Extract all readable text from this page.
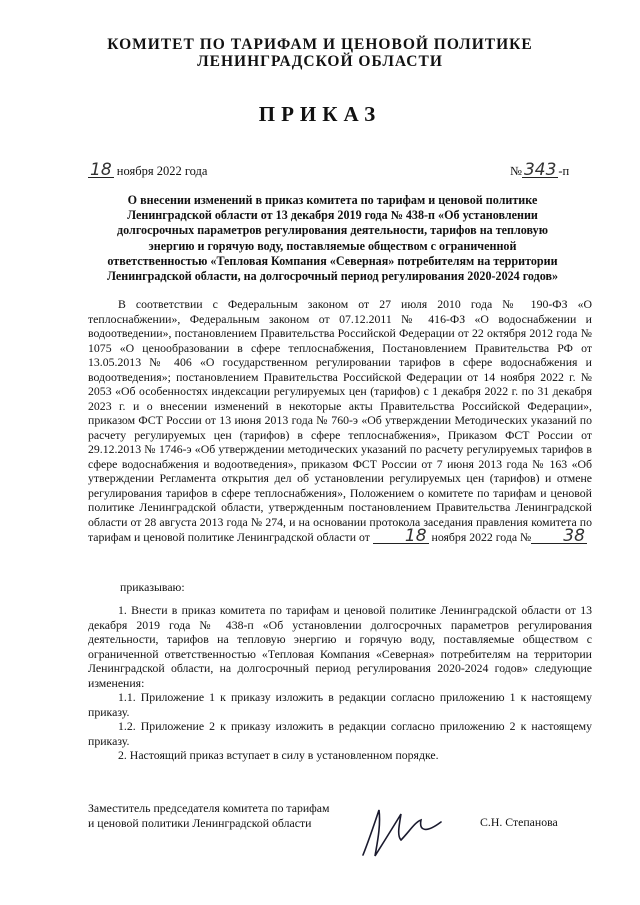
КОМИТЕТ ПО ТАРИФАМ И ЦЕНОВОЙ ПОЛИТИКЕ
ЛЕНИНГРАДСКОЙ ОБЛАСТИ
ПРИКАЗ
18 ноября 2022 года	№ 343 -п
О внесении изменений в приказ комитета по тарифам и ценовой политике Ленинградской области от 13 декабря 2019 года № 438-п «Об установлении долгосрочных параметров регулирования деятельности, тарифов на тепловую энергию и горячую воду, поставляемые обществом с ограниченной ответственностью «Тепловая Компания «Северная» потребителям на территории Ленинградской области, на долгосрочный период регулирования 2020-2024 годов»
В соответствии с Федеральным законом от 27 июля 2010 года № 190-ФЗ «О теплоснабжении», Федеральным законом от 07.12.2011 № 416-ФЗ «О водоснабжении и водоотведении», постановлением Правительства Российской Федерации от 22 октября 2012 года № 1075 «О ценообразовании в сфере теплоснабжения, Постановлением Правительства РФ от 13.05.2013 № 406 «О государственном регулировании тарифов в сфере водоснабжения и водоотведения»; постановлением Правительства Российской Федерации от 14 ноября 2022 г. № 2053 «Об особенностях индексации регулируемых цен (тарифов) с 1 декабря 2022 г. по 31 декабря 2023 г. и о внесении изменений в некоторые акты Правительства Российской Федерации», приказом ФСТ России от 13 июня 2013 года № 760-э «Об утверждении Методических указаний по расчету регулируемых цен (тарифов) в сфере теплоснабжения», Приказом ФСТ России от 29.12.2013 № 1746-э «Об утверждении методических указаний по расчету регулируемых тарифов в сфере водоснабжения и водоотведения», приказом ФСТ России от 7 июня 2013 года № 163 «Об утверждении Регламента открытия дел об установлении регулируемых цен (тарифов) и отмене регулирования тарифов в сфере теплоснабжения», Положением о комитете по тарифам и ценовой политике Ленинградской области, утвержденным постановлением Правительства Ленинградской области от 28 августа 2013 года № 274, и на основании протокола заседания правления комитета по тарифам и ценовой политике Ленинградской области от 18 ноября 2022 года № 38
приказываю:

1. Внести в приказ комитета по тарифам и ценовой политике Ленинградской области от 13 декабря 2019 года № 438-п «Об установлении долгосрочных параметров регулирования деятельности, тарифов на тепловую энергию и горячую воду, поставляемые обществом с ограниченной ответственностью «Тепловая Компания «Северная» потребителям на территории Ленинградской области, на долгосрочный период регулирования 2020-2024 годов» следующие изменения:

1.1. Приложение 1 к приказу изложить в редакции согласно приложению 1 к настоящему приказу.

1.2. Приложение 2 к приказу изложить в редакции согласно приложению 2 к настоящему приказу.

2. Настоящий приказ вступает в силу в установленном порядке.

Заместитель председателя комитета по тарифам
и ценовой политики Ленинградской области	С.Н. Степанова
